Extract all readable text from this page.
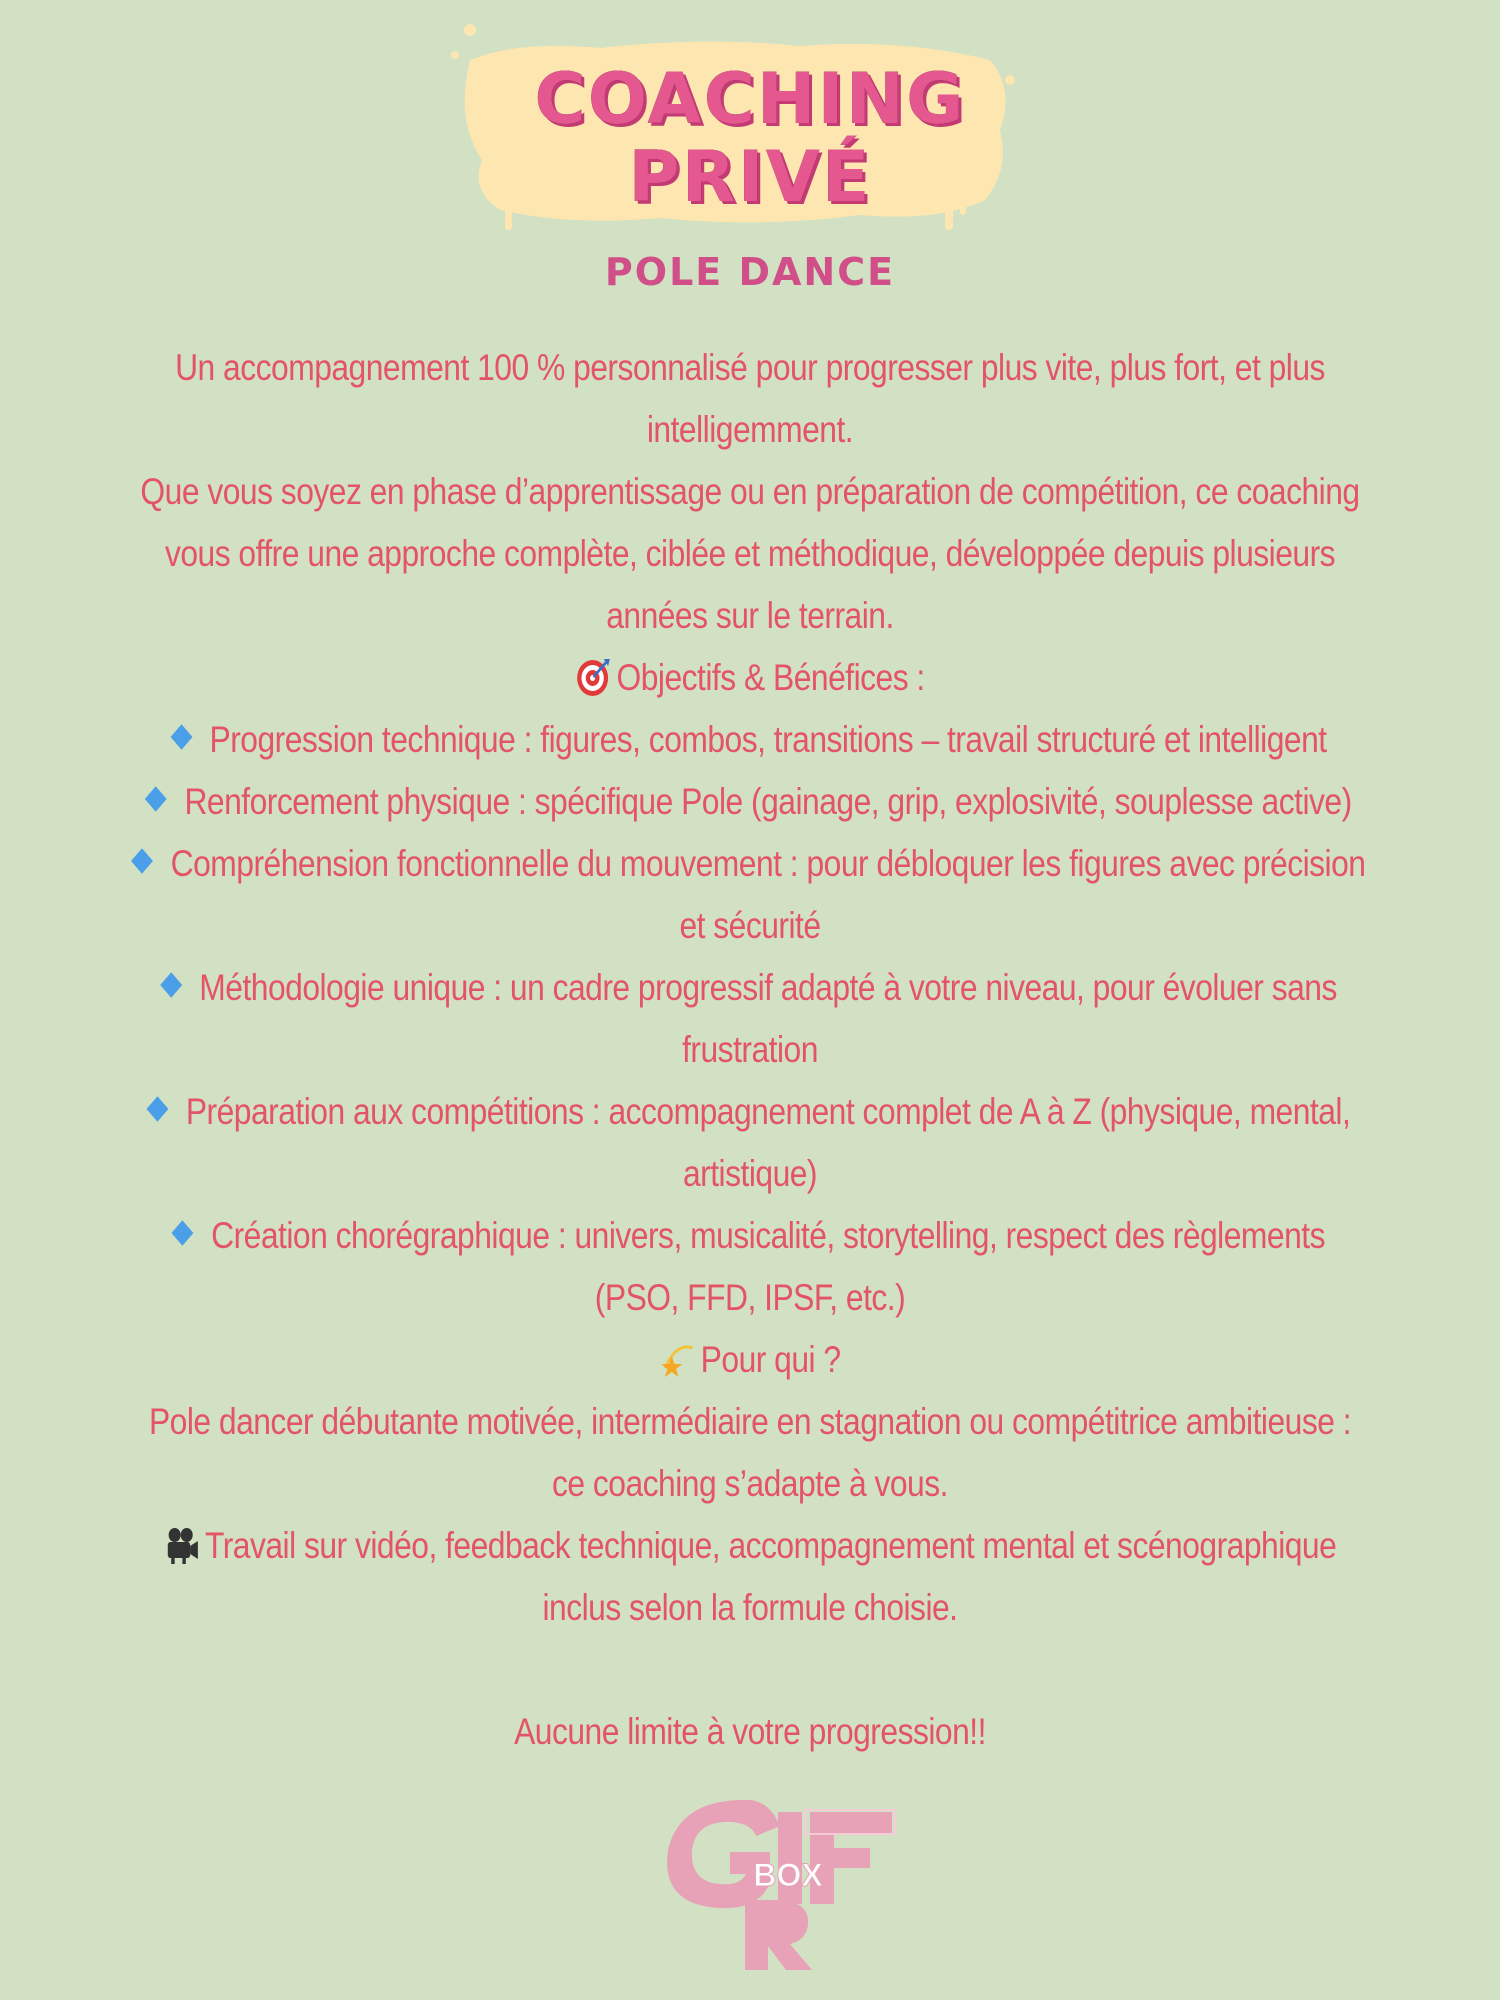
COACHING
PRIVÉ
POLE DANCE

Un accompagnement 100 % personnalisé pour progresser plus vite, plus fort, et plus intelligemment.

Que vous soyez en phase d’apprentissage ou en préparation de compétition, ce coaching vous offre une approche complète, ciblée et méthodique, développée depuis plusieurs années sur le terrain.

Objectifs & Bénéfices :

Progression technique : figures, combos, transitions – travail structuré et intelligent

Renforcement physique : spécifique Pole (gainage, grip, explosivité, souplesse active)

Compréhension fonctionnelle du mouvement : pour débloquer les figures avec précision et sécurité

Méthodologie unique : un cadre progressif adapté à votre niveau, pour évoluer sans frustration

Préparation aux compétitions : accompagnement complet de A à Z (physique, mental, artistique)

Création chorégraphique : univers, musicalité, storytelling, respect des règlements (PSO, FFD, IPSF, etc.)

Pour qui ?

Pole dancer débutante motivée, intermédiaire en stagnation ou compétitrice ambitieuse : ce coaching s’adapte à vous.

Travail sur vidéo, feedback technique, accompagnement mental et scénographique inclus selon la formule choisie.

Aucune limite à votre progression!!

BOX
